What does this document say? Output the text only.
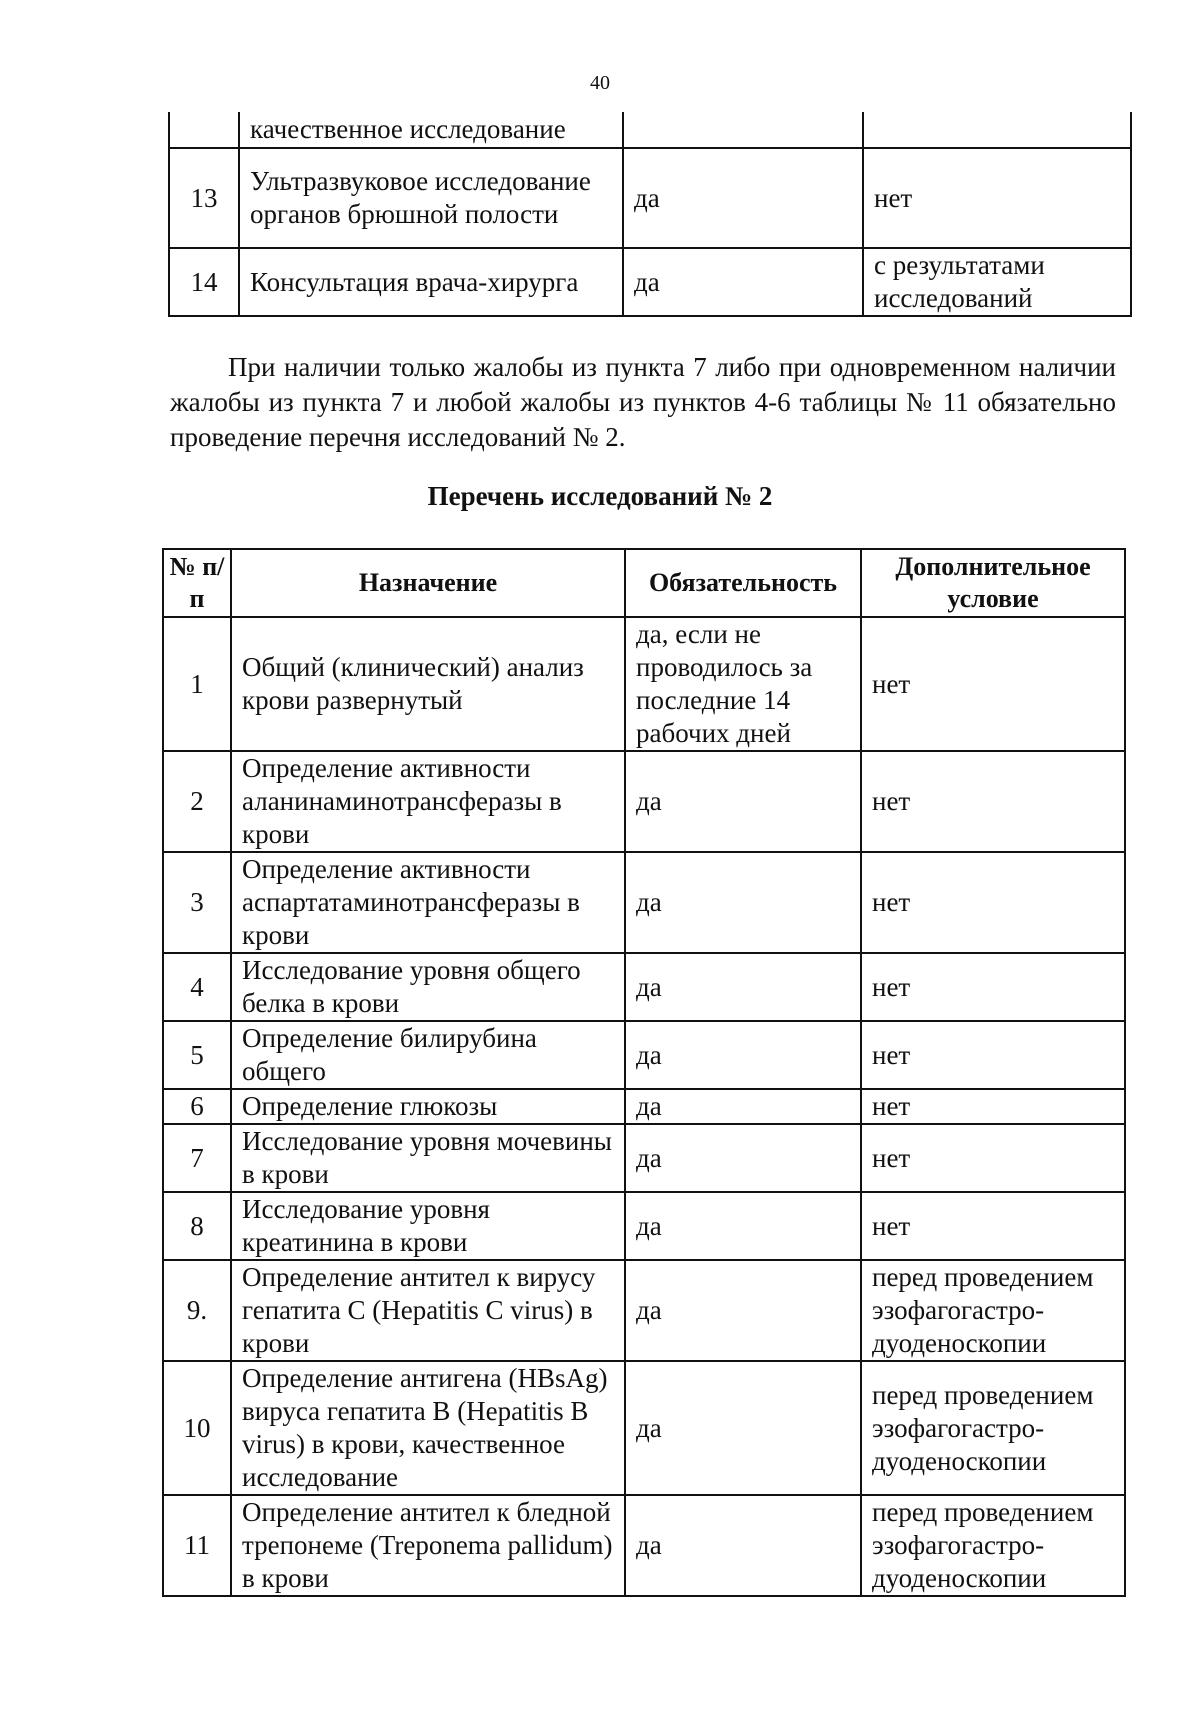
40
	качественное исследование		
13	Ультразвуковое исследование органов брюшной полости	да	нет
14	Консультация врача-хирурга	да	с результатами исследований
При наличии только жалобы из пункта 7 либо при одновременном наличии жалобы из пункта 7 и любой жалобы из пунктов 4-6 таблицы № 11 обязательно проведение перечня исследований № 2.
Перечень исследований № 2
№ п/п	Назначение	Обязательность	Дополнительное условие
1	Общий (клинический) анализ крови развернутый	да, если не проводилось за последние 14 рабочих дней	нет
2	Определение активности аланинаминотрансферазы в крови	да	нет
3	Определение активности аспартатаминотрансферазы в крови	да	нет
4	Исследование уровня общего белка в крови	да	нет
5	Определение билирубина общего	да	нет
6	Определение глюкозы	да	нет
7	Исследование уровня мочевины в крови	да	нет
8	Исследование уровня креатинина в крови	да	нет
9.	Определение антител к вирусу гепатита C (Hepatitis C virus) в крови	да	перед проведением эзофагогастро-дуоденоскопии
10	Определение антигена (HBsAg) вируса гепатита B (Hepatitis B virus) в крови, качественное исследование	да	перед проведением эзофагогастро-дуоденоскопии
11	Определение антител к бледной трепонеме (Treponema pallidum) в крови	да	перед проведением эзофагогастро-дуоденоскопии
